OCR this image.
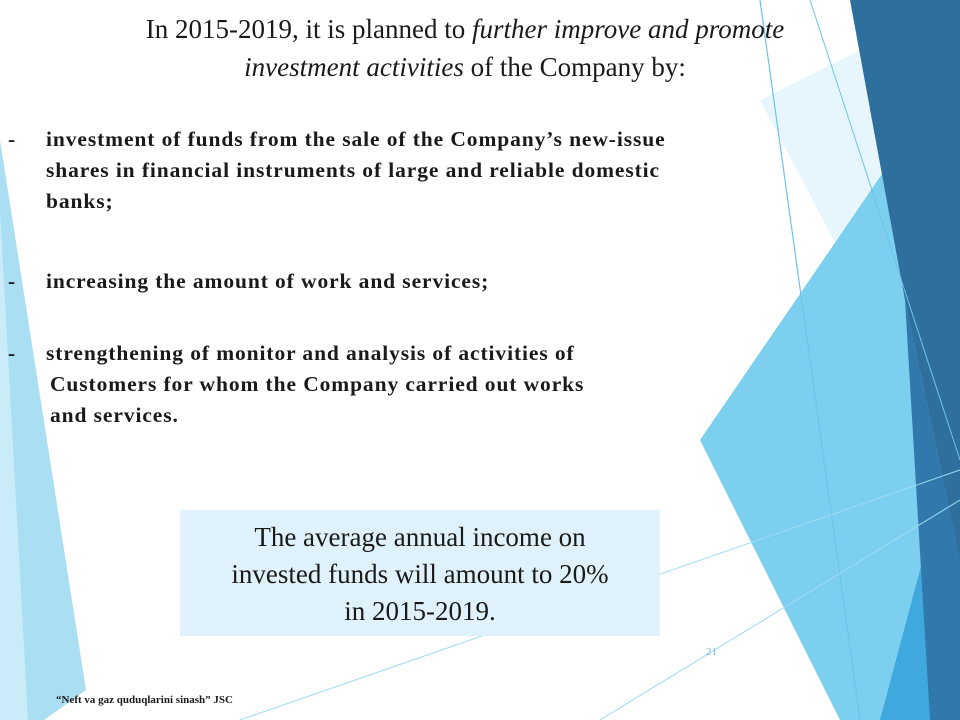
In 2015-2019, it is planned to further improve and promote
investment activities of the Company by:
- investment of funds from the sale of the Company’s new-issue
shares in financial instruments of large and reliable domestic
banks;
- increasing the amount of work and services;
- strengthening of monitor and analysis of activities of
Customers for whom the Company carried out works
and services.
The average annual income on
invested funds will amount to 20%
in 2015-2019.
21
“Neft va gaz quduqlarini sinash” JSC
